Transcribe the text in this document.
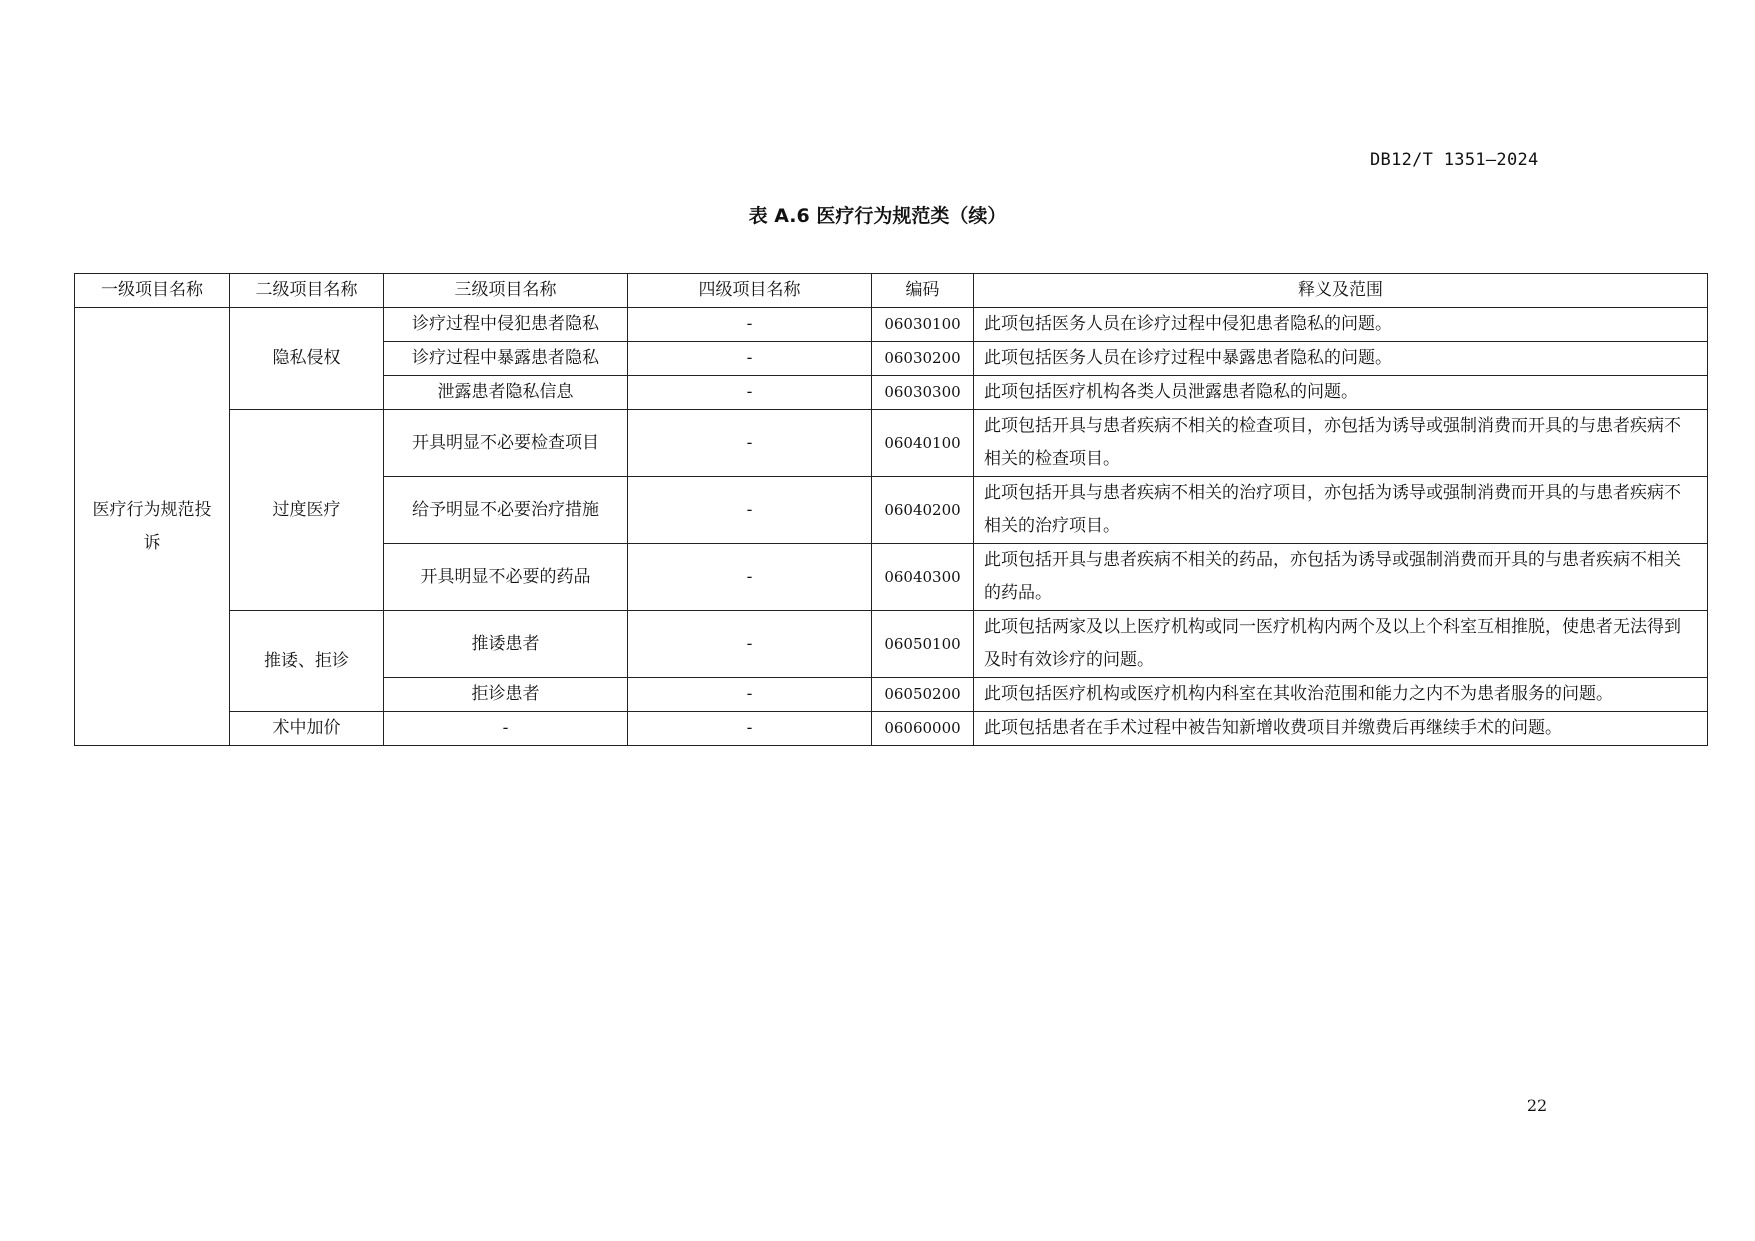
DB12/T 1351—2024
表 A.6 医疗行为规范类（续）
一级项目名称	二级项目名称	三级项目名称	四级项目名称	编码	释义及范围
医疗行为规范投诉	隐私侵权	诊疗过程中侵犯患者隐私	-	06030100	此项包括医务人员在诊疗过程中侵犯患者隐私的问题。
		诊疗过程中暴露患者隐私	-	06030200	此项包括医务人员在诊疗过程中暴露患者隐私的问题。
		泄露患者隐私信息	-	06030300	此项包括医疗机构各类人员泄露患者隐私的问题。
	过度医疗	开具明显不必要检查项目	-	06040100	此项包括开具与患者疾病不相关的检查项目，亦包括为诱导或强制消费而开具的与患者疾病不相关的检查项目。
		给予明显不必要治疗措施	-	06040200	此项包括开具与患者疾病不相关的治疗项目，亦包括为诱导或强制消费而开具的与患者疾病不相关的治疗项目。
		开具明显不必要的药品	-	06040300	此项包括开具与患者疾病不相关的药品，亦包括为诱导或强制消费而开具的与患者疾病不相关的药品。
	推诿、拒诊	推诿患者	-	06050100	此项包括两家及以上医疗机构或同一医疗机构内两个及以上个科室互相推脱，使患者无法得到及时有效诊疗的问题。
		拒诊患者	-	06050200	此项包括医疗机构或医疗机构内科室在其收治范围和能力之内不为患者服务的问题。
	术中加价	-	-	06060000	此项包括患者在手术过程中被告知新增收费项目并缴费后再继续手术的问题。
22
